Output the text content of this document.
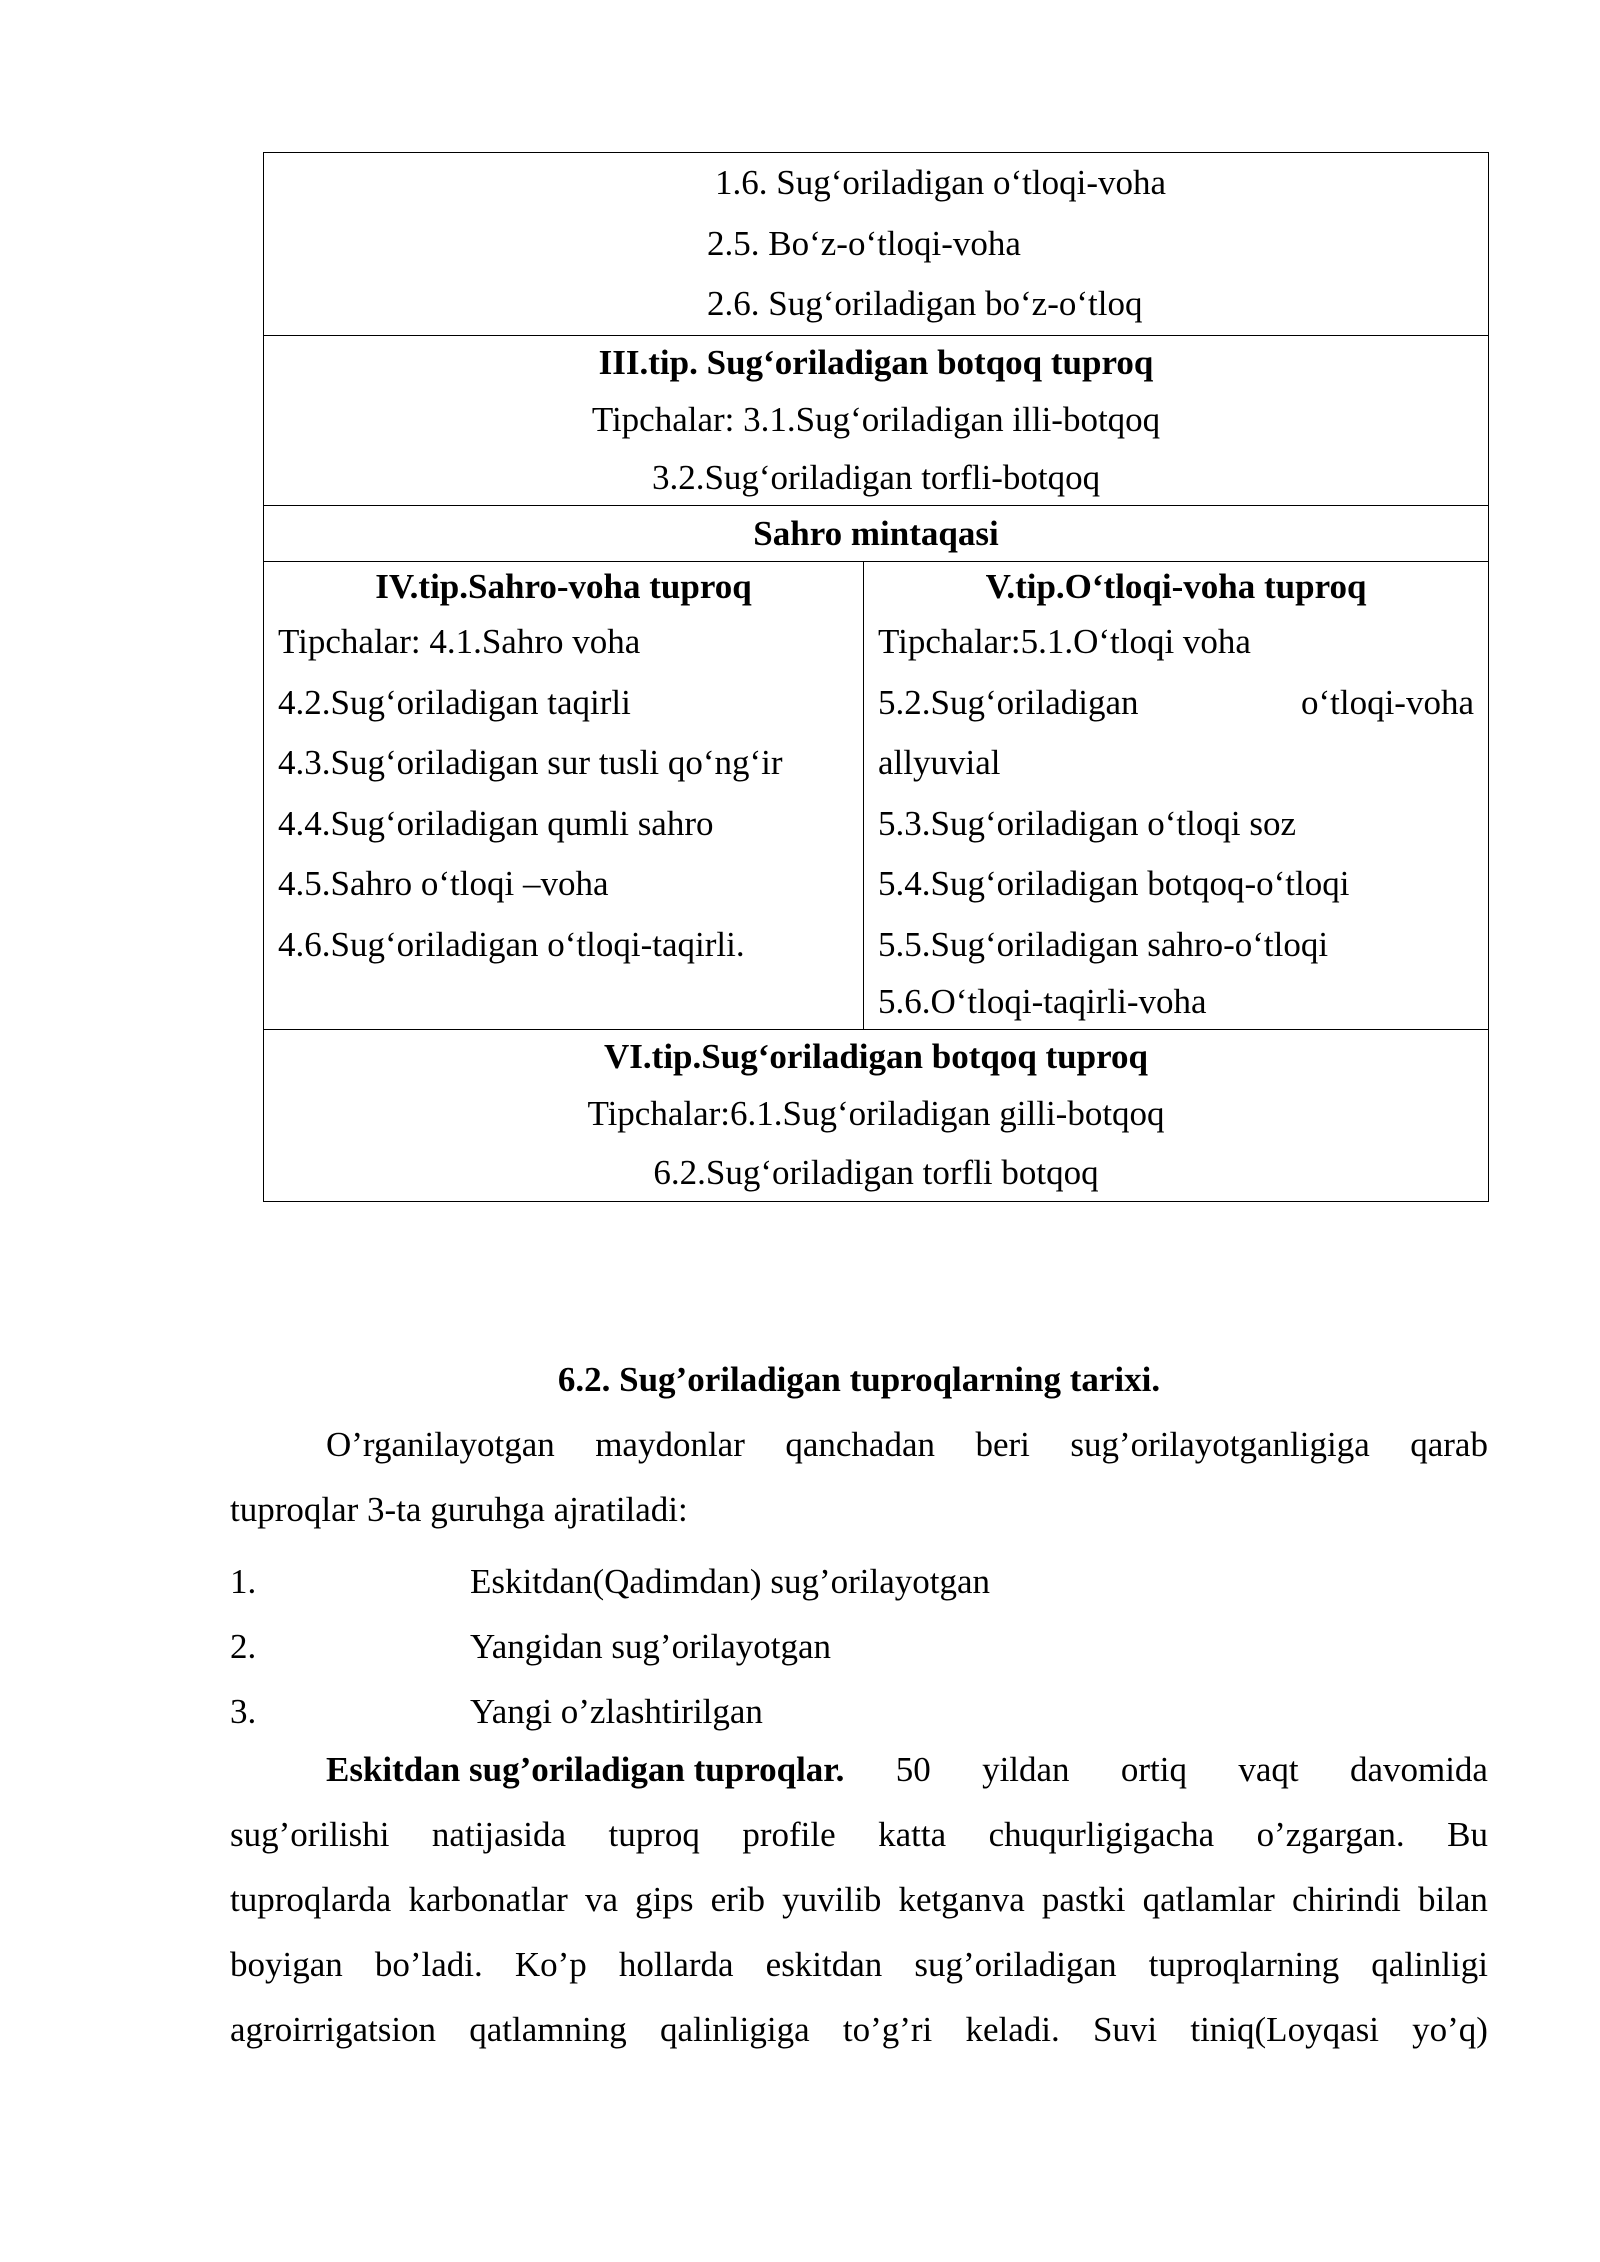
1.6. Sug‘oriladigan o‘tloqi-voha
2.5. Bo‘z-o‘tloqi-voha
2.6. Sug‘oriladigan bo‘z-o‘tloq

III.tip. Sug‘oriladigan botqoq tuproq
Tipchalar: 3.1.Sug‘oriladigan illi-botqoq
3.2.Sug‘oriladigan torfli-botqoq

Sahro mintaqasi

IV.tip.Sahro-voha tuproq
Tipchalar: 4.1.Sahro voha
4.2.Sug‘oriladigan taqirli
4.3.Sug‘oriladigan sur tusli qo‘ng‘ir
4.4.Sug‘oriladigan qumli sahro
4.5.Sahro o‘tloqi –voha
4.6.Sug‘oriladigan o‘tloqi-taqirli.

V.tip.O‘tloqi-voha tuproq
Tipchalar:5.1.O‘tloqi voha
5.2.Sug‘oriladigan	o‘tloqi-voha
allyuvial
5.3.Sug‘oriladigan o‘tloqi soz
5.4.Sug‘oriladigan botqoq-o‘tloqi
5.5.Sug‘oriladigan sahro-o‘tloqi
5.6.O‘tloqi-taqirli-voha

VI.tip.Sug‘oriladigan botqoq tuproq
Tipchalar:6.1.Sug‘oriladigan gilli-botqoq
6.2.Sug‘oriladigan torfli botqoq
6.2. Sug’oriladigan tuproqlarning tarixi.
O’rganilayotgan maydonlar qanchadan beri sug’orilayotganligiga qarab
tuproqlar 3-ta guruhga ajratiladi:
1.	Eskitdan(Qadimdan) sug’orilayotgan
2.	Yangidan sug’orilayotgan
3.	Yangi o’zlashtirilgan
Eskitdan sug’oriladigan tuproqlar. 50 yildan ortiq vaqt davomida
sug’orilishi natijasida tuproq profile katta chuqurligigacha o’zgargan. Bu
tuproqlarda karbonatlar va gips erib yuvilib ketganva pastki qatlamlar chirindi bilan
boyigan bo’ladi. Ko’p hollarda eskitdan sug’oriladigan tuproqlarning qalinligi
agroirrigatsion qatlamning qalinligiga to’g’ri keladi. Suvi tiniq(Loyqasi yo’q)
